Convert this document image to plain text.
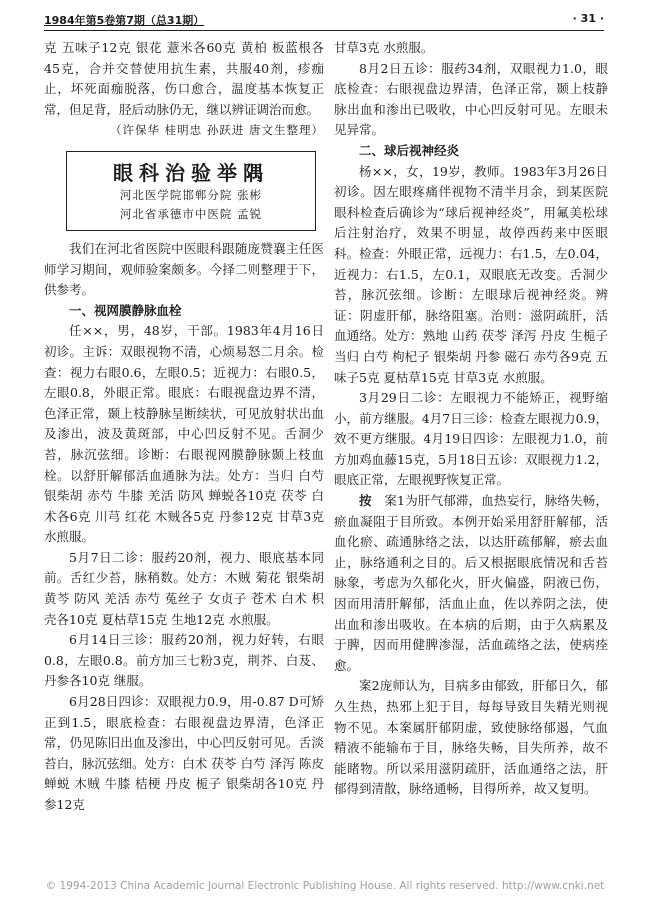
1984年第5卷第7期（总31期）	· 31 ·

克 五味子12克 银花 薏米各60克 黄柏 板蓝根各45克，合并交替使用抗生素，共服40剂，疹痂止，坏死面痂脱落，伤口愈合，温度基本恢复正常，但足背，胫后动脉仍无，继以辨证调治而愈。

（许保华 桂明忠 孙跃进 唐文生整理）

眼科治验举隅
河北医学院邯郸分院 张彬
河北省承德市中医院 孟锐

我们在河北省医院中医眼科跟随庞赞襄主任医师学习期间，观师验案颇多。今择二则整理于下，供参考。

一、视网膜静脉血栓

任××，男，48岁，干部。1983年4月16日初诊。主诉：双眼视物不清，心烦易怒二月余。检查：视力右眼0.6，左眼0.5；近视力：右眼0.5，左眼0.8，外眼正常。眼底：右眼视盘边界不清，色泽正常，颞上枝静脉呈断续状，可见放射状出血及渗出，波及黄斑部，中心凹反射不见。舌洞少苔，脉沉弦细。诊断：右眼视网膜静脉颞上枝血栓。以舒肝解郁活血通脉为法。处方：当归 白芍 银柴胡 赤芍 牛膝 羌活 防风 蝉蜕各10克 茯苓 白术各6克 川芎 红花 木贼各5克 丹参12克 甘草3克 水煎服。

5月7日二诊：服药20剂，视力、眼底基本同前。舌红少苔，脉稍数。处方：木贼 菊花 银柴胡 黄芩 防风 羌活 赤芍 菟丝子 女贞子 苍术 白术 枳壳各10克 夏枯草15克 生地12克 水煎服。

6月14日三诊：服药20剂，视力好转，右眼0.8，左眼0.8。前方加三七粉3克，荆芥、白芨、丹参各10克 继服。

6月28日四诊：双眼视力0.9，用-0.87 D可矫正到1.5，眼底检查：右眼视盘边界清，色泽正常，仍见陈旧出血及渗出，中心凹反射可见。舌淡苔白，脉沉弦细。处方：白术 茯苓 白芍 泽泻 陈皮 蝉蜕 木贼 牛膝 桔梗 丹皮 栀子 银柴胡各10克 丹参12克

甘草3克 水煎服。

8月2日五诊：服药34剂，双眼视力1.0，眼底检查：右眼视盘边界清，色泽正常，颞上枝静脉出血和渗出已吸收，中心凹反射可见。左眼未见异常。

二、球后视神经炎

杨××，女，19岁，教师。1983年3月26日初诊。因左眼疼痛伴视物不清半月余，到某医院眼科检查后确诊为“球后视神经炎”，用氟美松球后注射治疗，效果不明显，故停西药来中医眼科。检查：外眼正常，远视力：右1.5，左0.04，近视力：右1.5，左0.1，双眼底无改变。舌洞少苔，脉沉弦细。诊断：左眼球后视神经炎。辨证：阴虚肝郁，脉络阻塞。治则：滋阴疏肝，活血通络。处方：熟地 山药 茯苓 泽泻 丹皮 生栀子 当归 白芍 枸杞子 银柴胡 丹参 磁石 赤芍各9克 五味子5克 夏枯草15克 甘草3克 水煎服。

3月29日二诊：左眼视力不能矫正，视野缩小，前方继服。4月7日三诊：检查左眼视力0.9，效不更方继服。4月19日四诊：左眼视力1.0，前方加鸡血藤15克，5月18日五诊：双眼视力1.2，眼底正常，左眼视野恢复正常。

按　 案1为肝气郁滞，血热妄行，脉络失畅，瘀血凝阻于目所致。本例开始采用舒肝解郁，活血化瘀、疏通脉络之法，以达肝疏郁解，瘀去血止，脉络通利之目的。后又根据眼底情况和舌苔脉象，考虑为久郁化火，肝火偏盛，阴液已伤，因而用清肝解郁，活血止血，佐以养阴之法，使出血和渗出吸收。在本病的后期，由于久病累及于脾，因而用健脾渗湿，活血疏络之法，使病痊愈。

案2庞师认为，目病多由郁致，肝郁日久，郁久生热，热邪上犯于目，每每导致目失精光则视物不见。本案属肝郁阴虚，致使脉络郁遏，气血精液不能输布于目，脉络失畅，目失所养，故不能睹物。所以采用滋阴疏肝，活血通络之法，肝郁得到清散，脉络通畅，目得所养，故又复明。

© 1994-2013 China Academic Journal Electronic Publishing House. All rights reserved. http://www.cnki.net
